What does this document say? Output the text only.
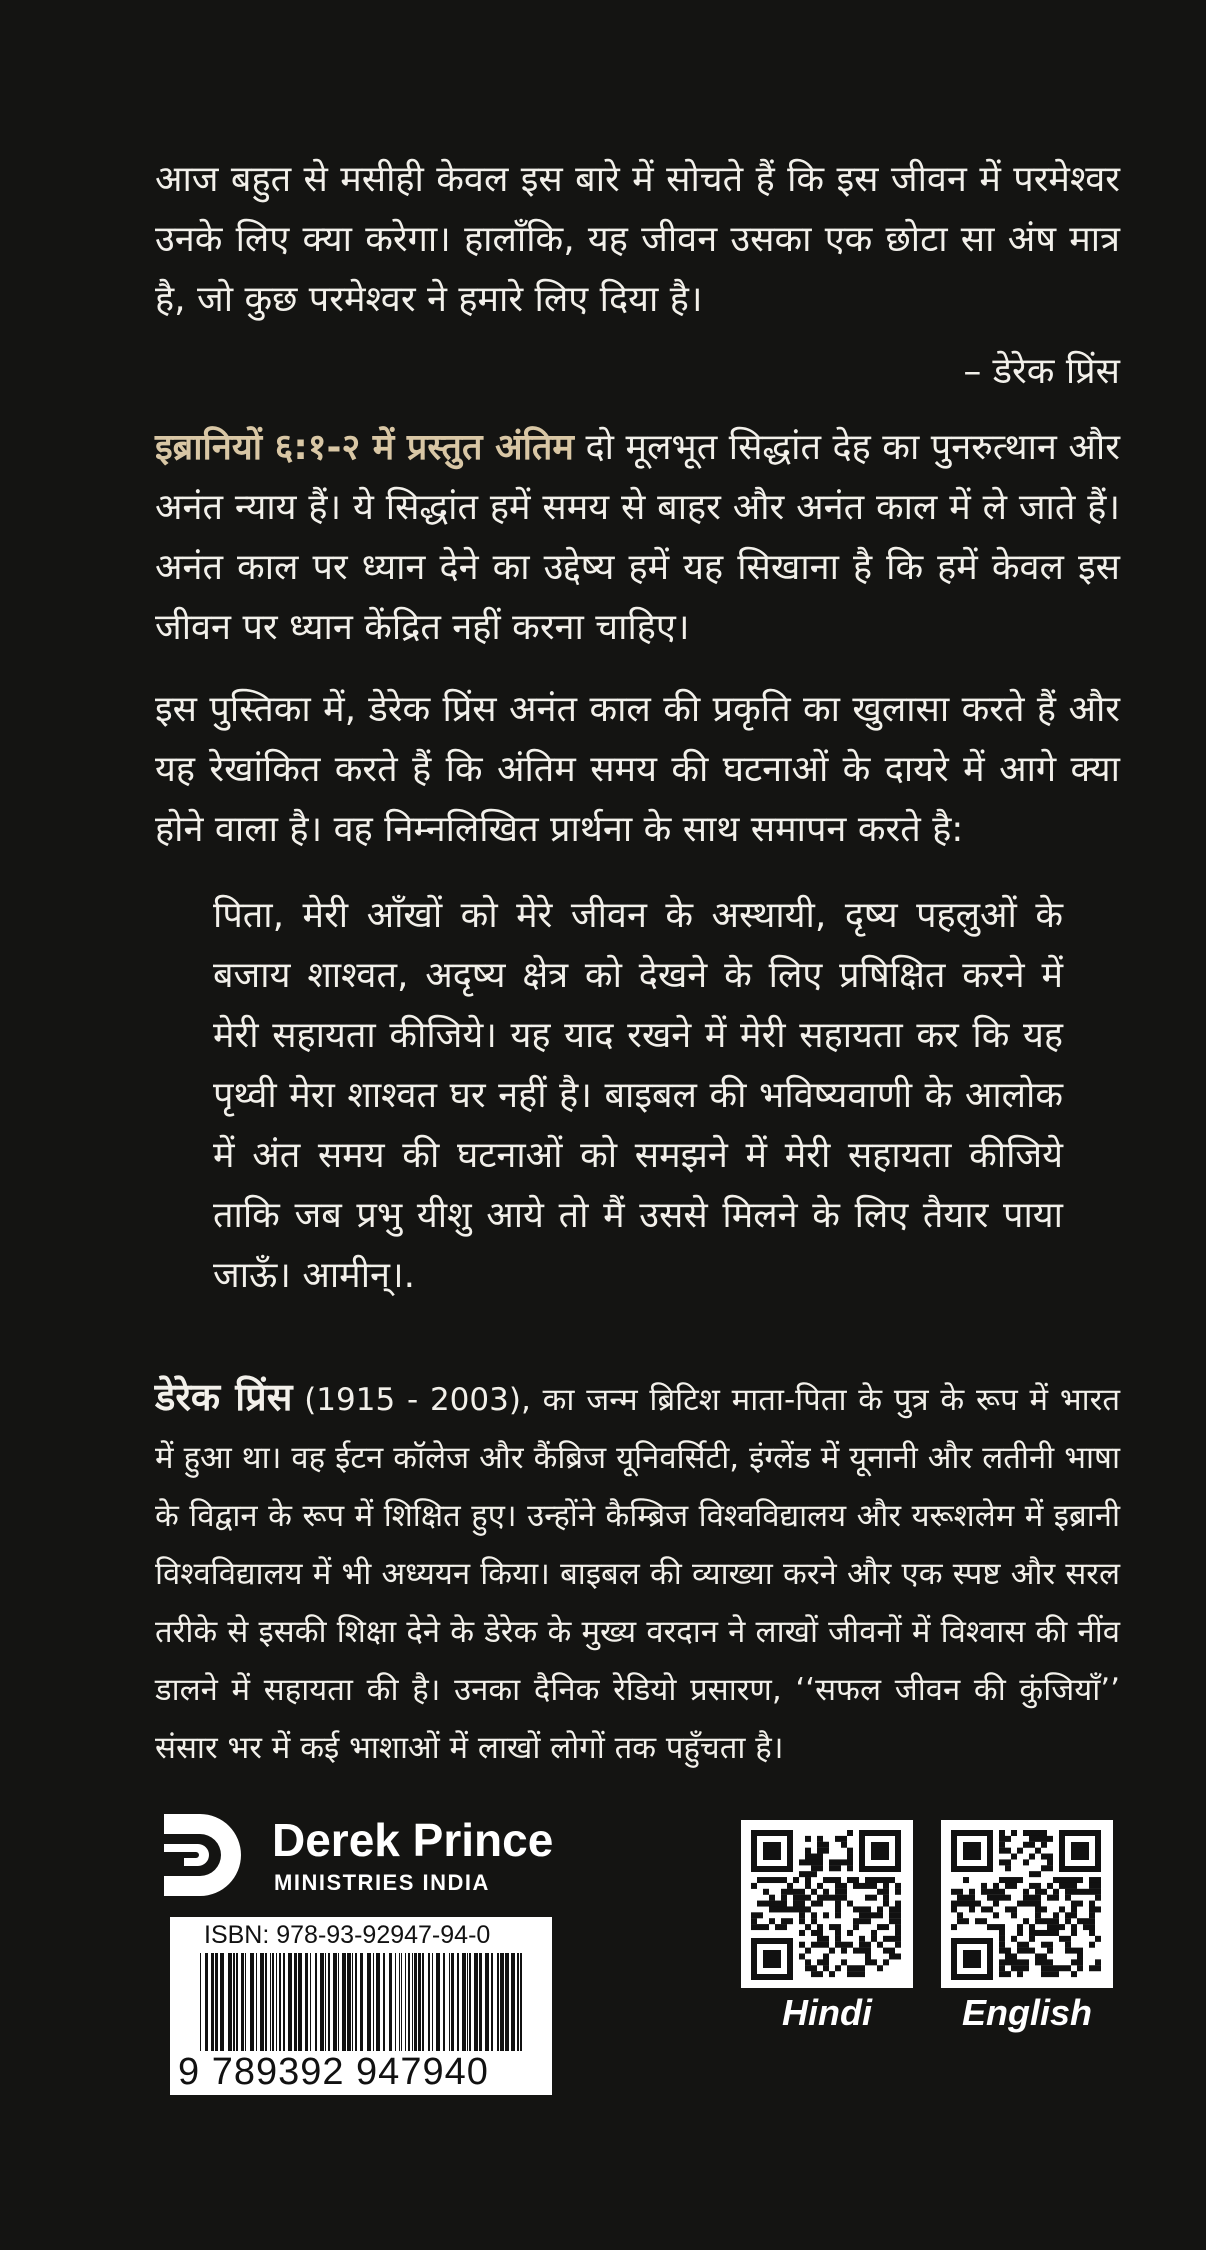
आज बहुत से मसीही केवल इस बारे में सोचते हैं कि इस जीवन में परमेश्वर उनके लिए क्या करेगा। हालाँकि, यह जीवन उसका एक छोटा सा अंष मात्र है, जो कुछ परमेश्वर ने हमारे लिए दिया है।

– डेरेक प्रिंस

इब्रानियों ६:१-२ में प्रस्तुत अंतिम दो मूलभूत सिद्धांत देह का पुनरुत्थान और अनंत न्याय हैं। ये सिद्धांत हमें समय से बाहर और अनंत काल में ले जाते हैं। अनंत काल पर ध्यान देने का उद्देष्य हमें यह सिखाना है कि हमें केवल इस जीवन पर ध्यान केंद्रित नहीं करना चाहिए।

इस पुस्तिका में, डेरेक प्रिंस अनंत काल की प्रकृति का खुलासा करते हैं और यह रेखांकित करते हैं कि अंतिम समय की घटनाओं के दायरे में आगे क्या होने वाला है। वह निम्नलिखित प्रार्थना के साथ समापन करते है:

पिता, मेरी आँखों को मेरे जीवन के अस्थायी, दृष्य पहलुओं के बजाय शाश्वत, अदृष्य क्षेत्र को देखने के लिए प्रषिक्षित करने में मेरी सहायता कीजिये। यह याद रखने में मेरी सहायता कर कि यह पृथ्वी मेरा शाश्वत घर नहीं है। बाइबल की भविष्यवाणी के आलोक में अंत समय की घटनाओं को समझने में मेरी सहायता कीजिये ताकि जब प्रभु यीशु आये तो मैं उससे मिलने के लिए तैयार पाया जाऊँ। आमीन्।.

डेरेक प्रिंस (1915 - 2003), का जन्म ब्रिटिश माता-पिता के पुत्र के रूप में भारत में हुआ था। वह ईटन कॉलेज और कैंब्रिज यूनिवर्सिटी, इंग्लेंड में यूनानी और लतीनी भाषा के विद्वान के रूप में शिक्षित हुए। उन्होंने कैम्ब्रिज विश्वविद्यालय और यरूशलेम में इब्रानी विश्वविद्यालय में भी अध्ययन किया। बाइबल की व्याख्या करने और एक स्पष्ट और सरल तरीके से इसकी शिक्षा देने के डेरेक के मुख्य वरदान ने लाखों जीवनों में विश्वास की नींव डालने में सहायता की है। उनका दैनिक रेडियो प्रसारण, ‘‘सफल जीवन की कुंजियाँ’’ संसार भर में कई भाशाओं में लाखों लोगों तक पहुँचता है।

Derek Prince
MINISTRIES INDIA
ISBN: 978-93-92947-94-0
9 789392 947940
Hindi	English
